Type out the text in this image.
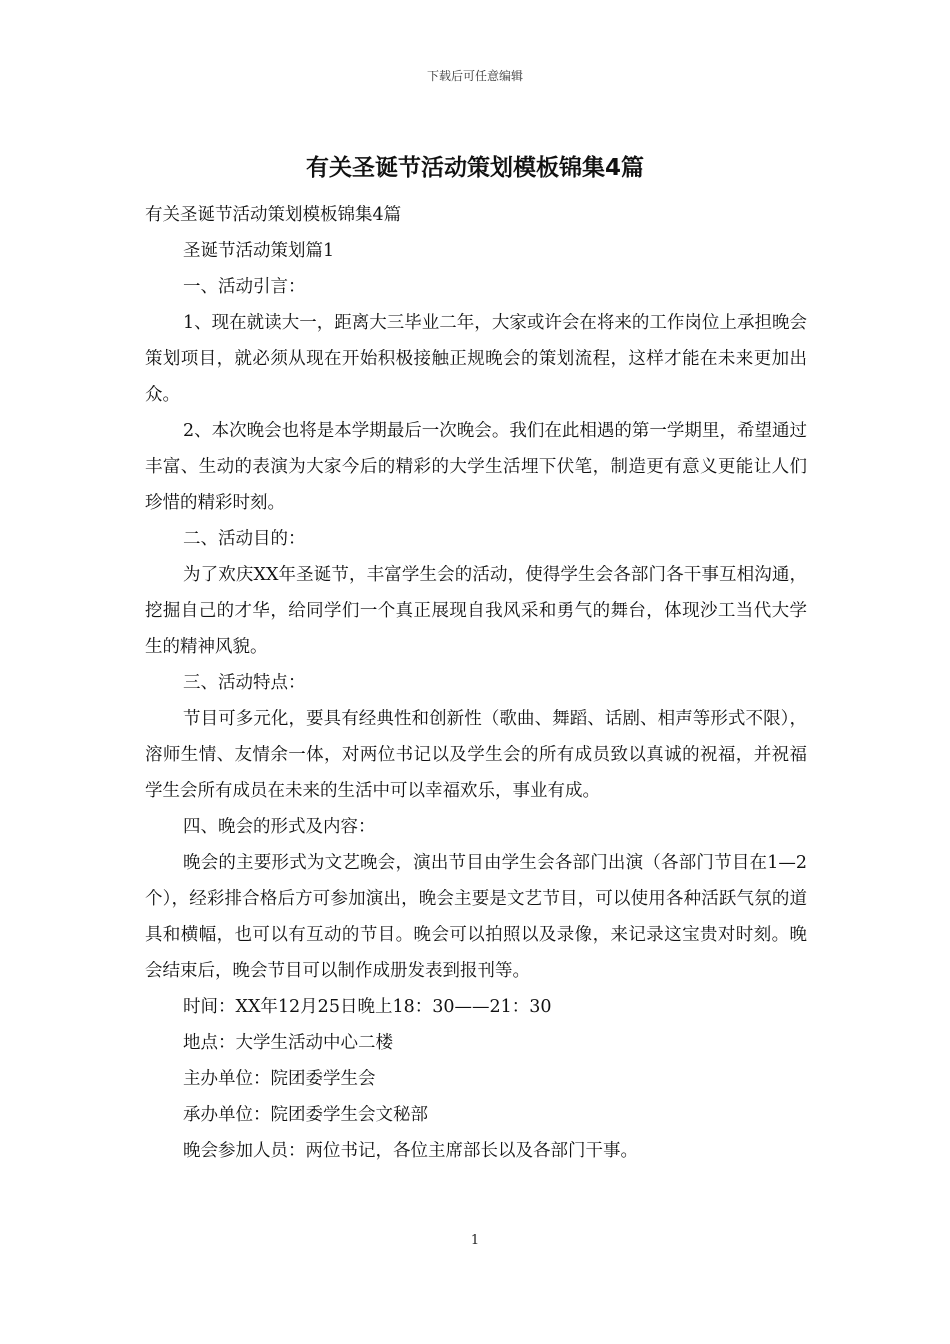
下载后可任意编辑
有关圣诞节活动策划模板锦集4篇

有关圣诞节活动策划模板锦集4篇

圣诞节活动策划篇1

一、活动引言：

1、现在就读大一，距离大三毕业二年，大家或许会在将来的工作岗位上承担晚会策划项目，就必须从现在开始积极接触正规晚会的策划流程，这样才能在未来更加出众。

2、本次晚会也将是本学期最后一次晚会。我们在此相遇的第一学期里，希望通过丰富、生动的表演为大家今后的精彩的大学生活埋下伏笔，制造更有意义更能让人们珍惜的精彩时刻。

二、活动目的：

为了欢庆XX年圣诞节，丰富学生会的活动，使得学生会各部门各干事互相沟通，挖掘自己的才华，给同学们一个真正展现自我风采和勇气的舞台，体现沙工当代大学生的精神风貌。

三、活动特点：

节目可多元化，要具有经典性和创新性（歌曲、舞蹈、话剧、相声等形式不限），溶师生情、友情余一体，对两位书记以及学生会的所有成员致以真诚的祝福，并祝福学生会所有成员在未来的生活中可以幸福欢乐，事业有成。

四、晚会的形式及内容：

晚会的主要形式为文艺晚会，演出节目由学生会各部门出演（各部门节目在1—2个），经彩排合格后方可参加演出，晚会主要是文艺节目，可以使用各种活跃气氛的道具和横幅，也可以有互动的节目。晚会可以拍照以及录像，来记录这宝贵对时刻。晚会结束后，晚会节目可以制作成册发表到报刊等。

时间：XX年12月25日晚上18：30——21：30

地点：大学生活动中心二楼

主办单位：院团委学生会

承办单位：院团委学生会文秘部

晚会参加人员：两位书记，各位主席部长以及各部门干事。

1
